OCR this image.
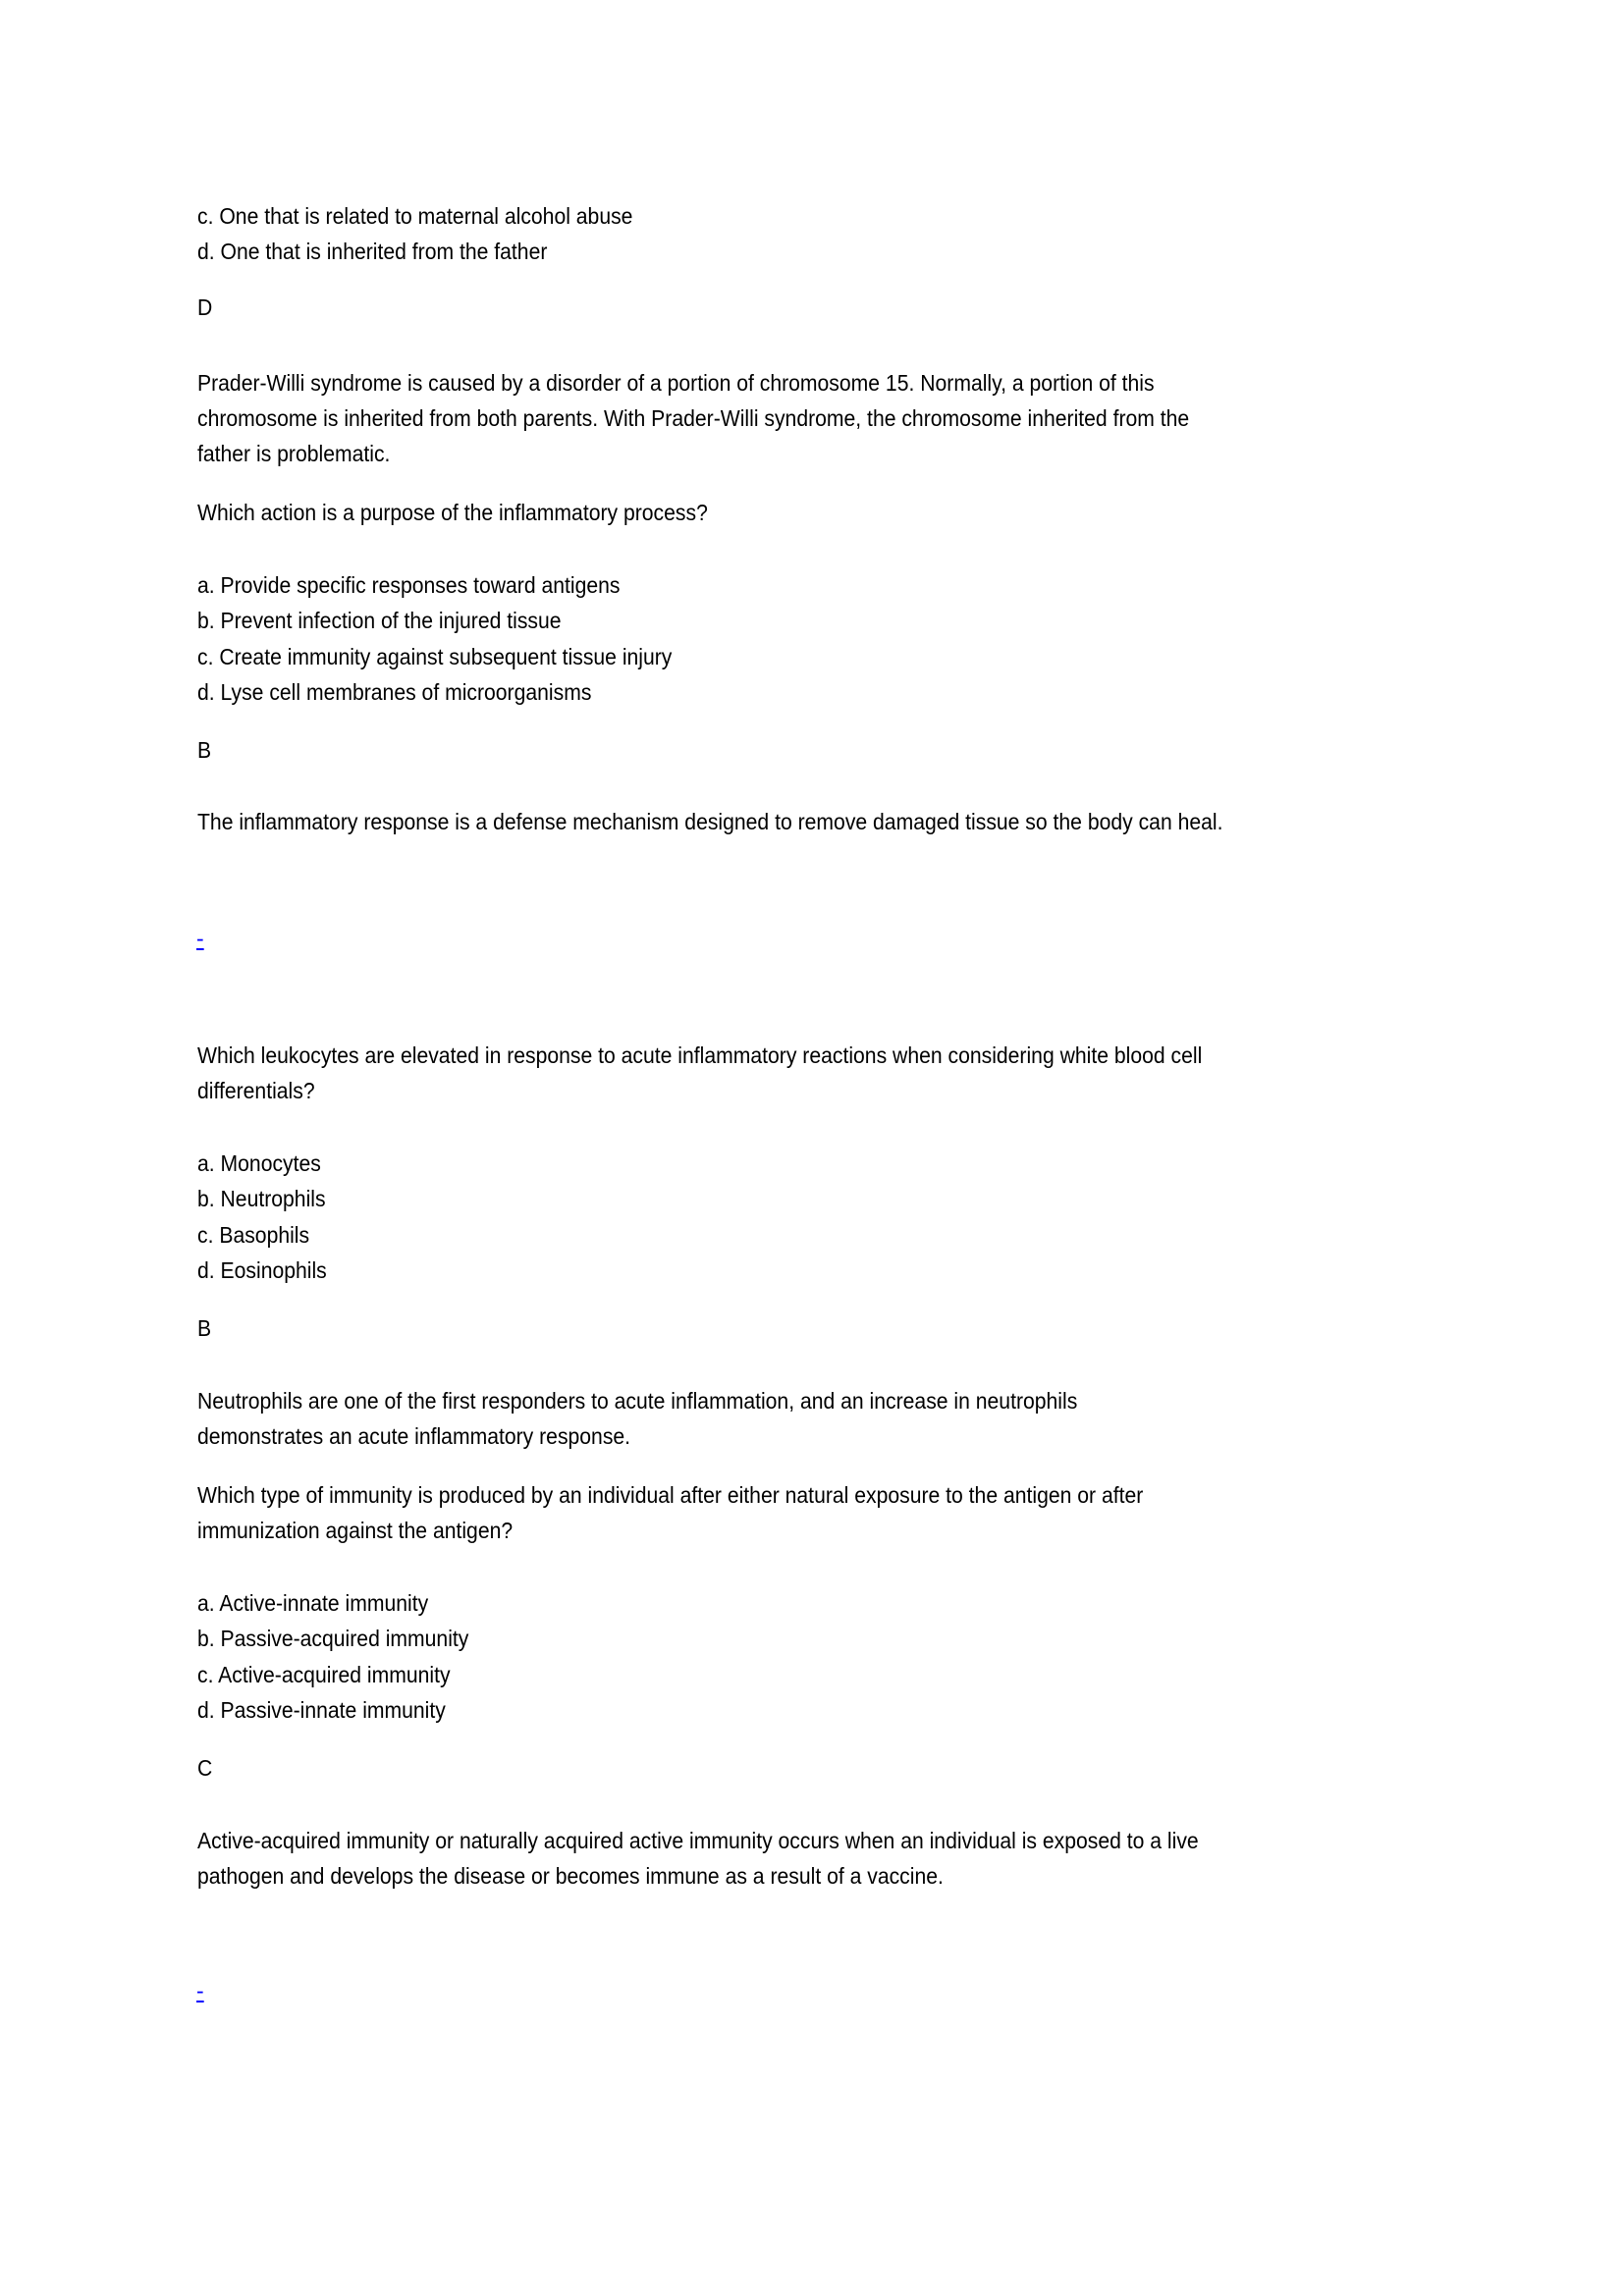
c. One that is related to maternal alcohol abuse
d. One that is inherited from the father
D
Prader-Willi syndrome is caused by a disorder of a portion of chromosome 15. Normally, a portion of this
chromosome is inherited from both parents. With Prader-Willi syndrome, the chromosome inherited from the
father is problematic.
Which action is a purpose of the inflammatory process?
a. Provide specific responses toward antigens
b. Prevent infection of the injured tissue
c. Create immunity against subsequent tissue injury
d. Lyse cell membranes of microorganisms
B
The inflammatory response is a defense mechanism designed to remove damaged tissue so the body can heal.
-
Which leukocytes are elevated in response to acute inflammatory reactions when considering white blood cell
differentials?
a. Monocytes
b. Neutrophils
c. Basophils
d. Eosinophils
B
Neutrophils are one of the first responders to acute inflammation, and an increase in neutrophils
demonstrates an acute inflammatory response.
Which type of immunity is produced by an individual after either natural exposure to the antigen or after
immunization against the antigen?
a. Active-innate immunity
b. Passive-acquired immunity
c. Active-acquired immunity
d. Passive-innate immunity
C
Active-acquired immunity or naturally acquired active immunity occurs when an individual is exposed to a live
pathogen and develops the disease or becomes immune as a result of a vaccine.
-
